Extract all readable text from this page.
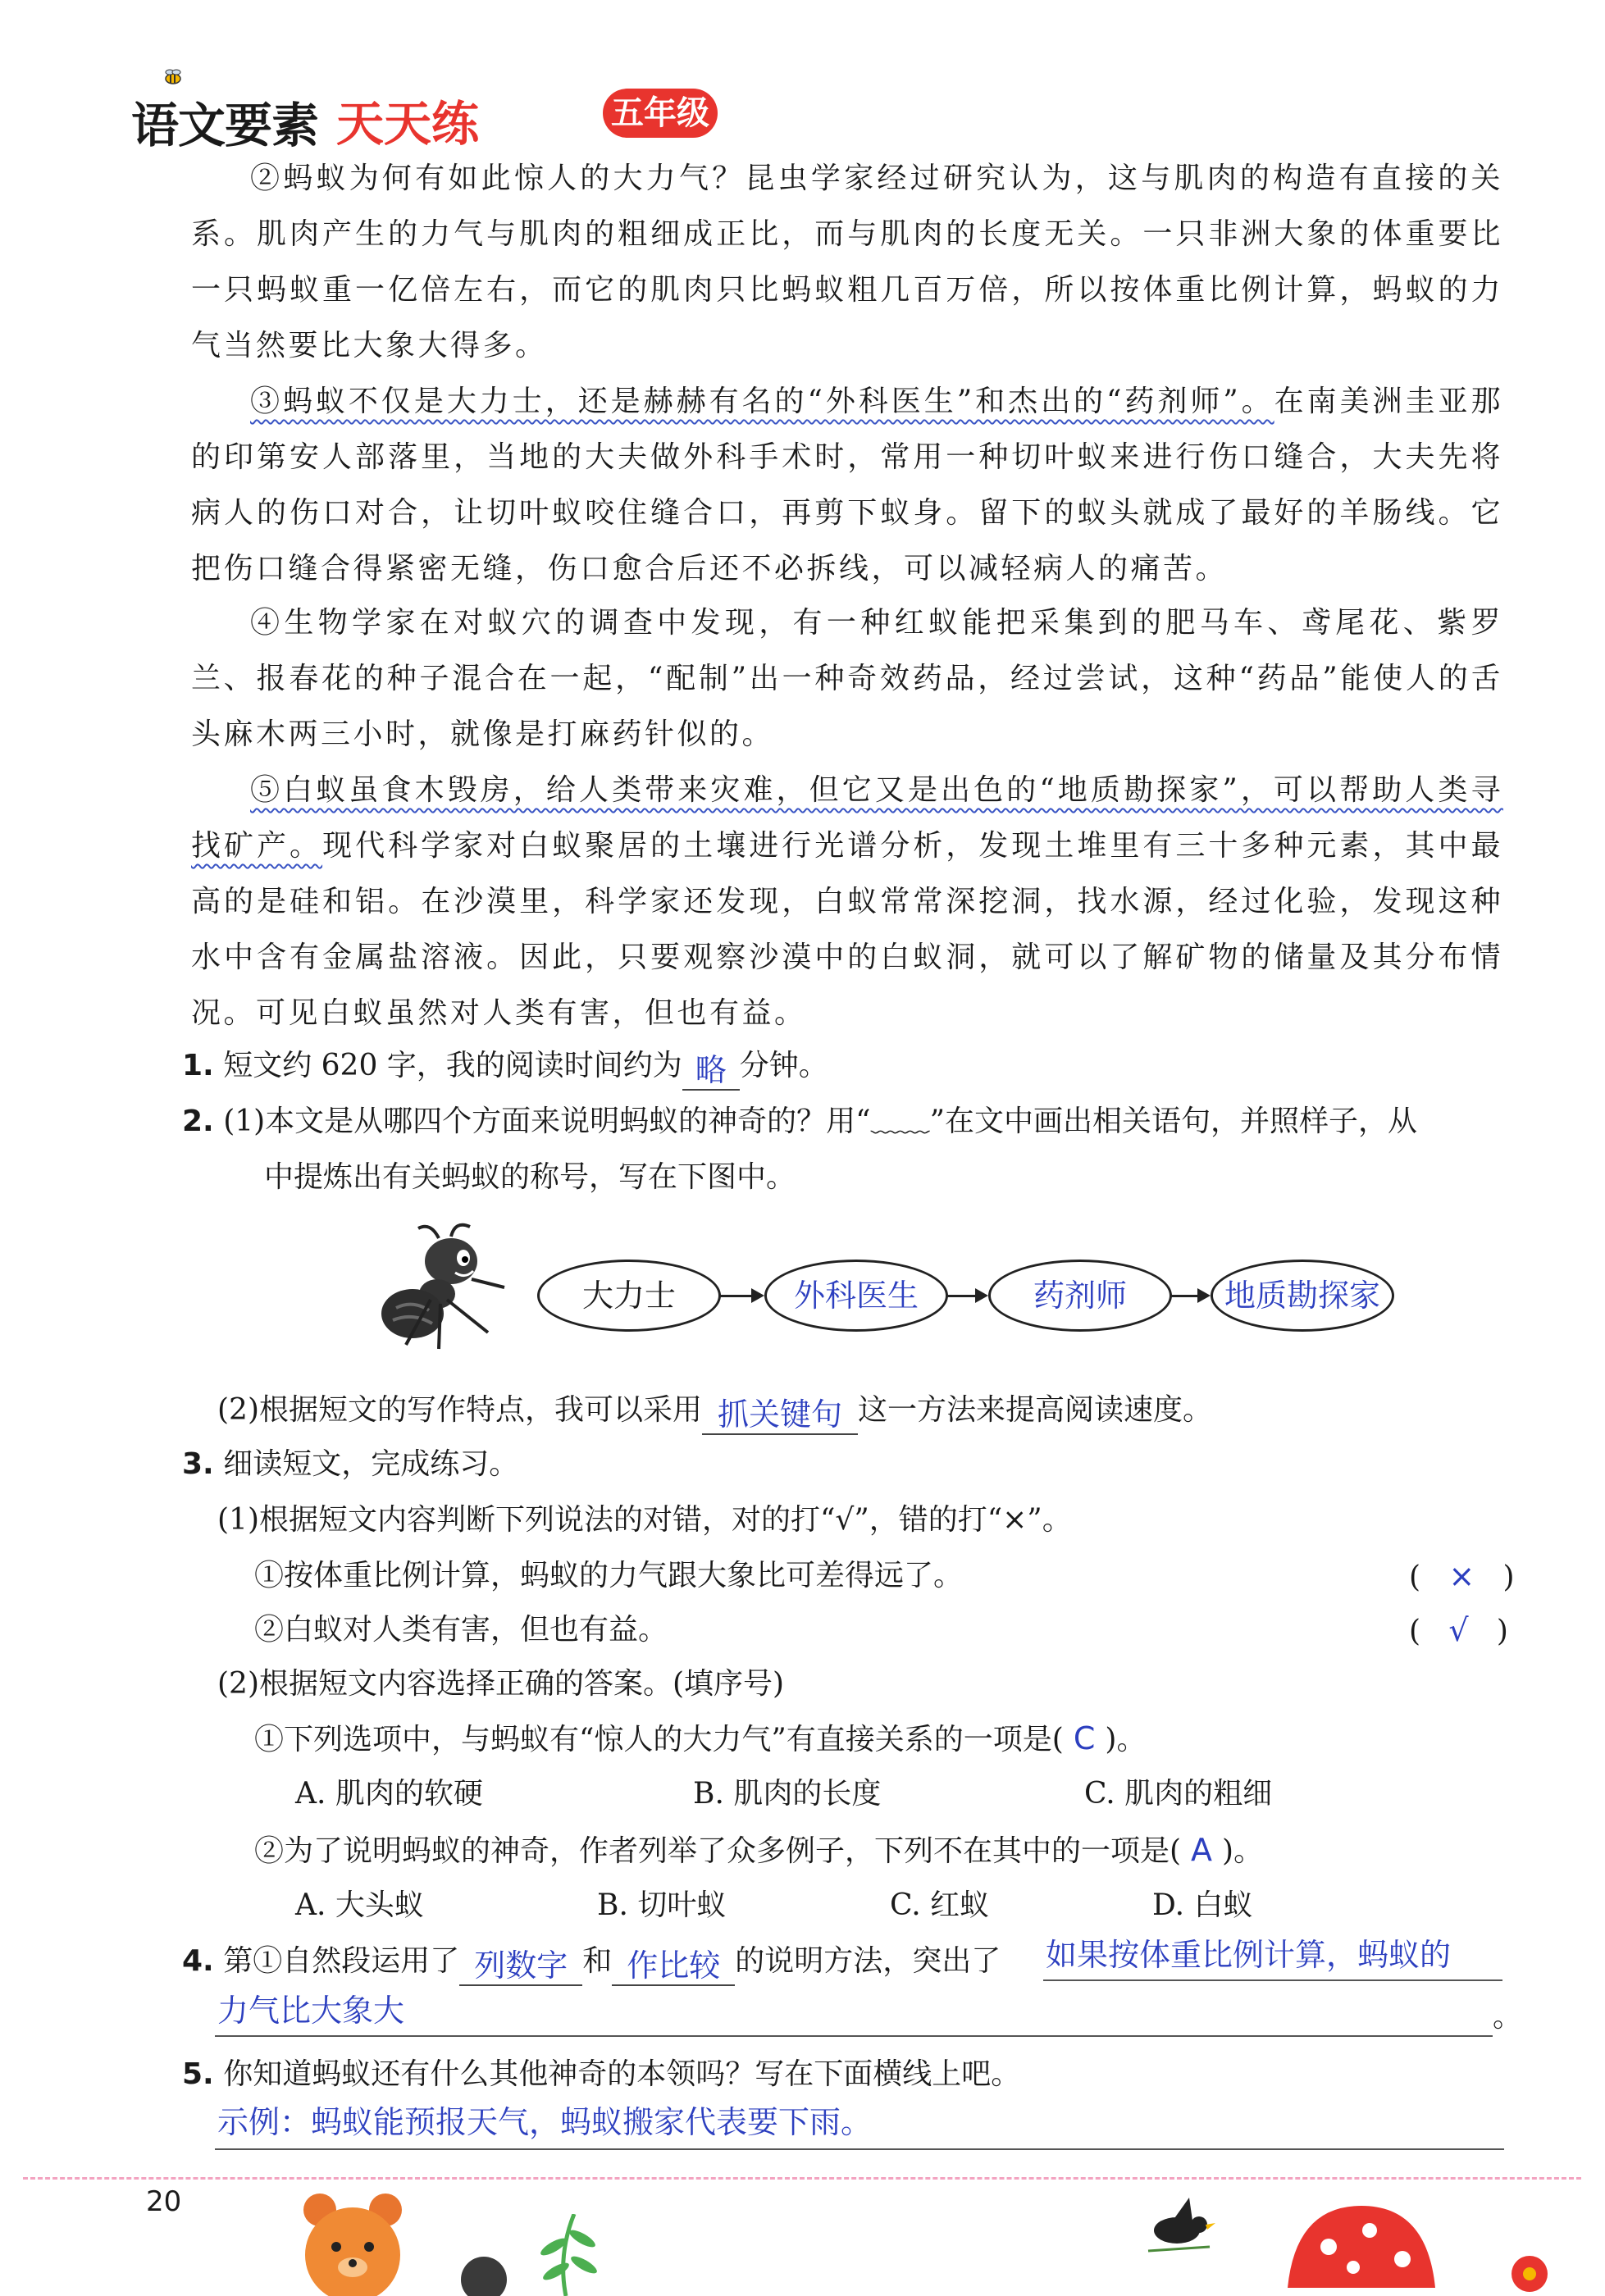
语文要素 天天练	五年级
②蚂蚁为何有如此惊人的大力气？昆虫学家经过研究认为，这与肌肉的构造有直接的关系。肌肉产生的力气与肌肉的粗细成正比，而与肌肉的长度无关。一只非洲大象的体重要比一只蚂蚁重一亿倍左右，而它的肌肉只比蚂蚁粗几百万倍，所以按体重比例计算，蚂蚁的力气当然要比大象大得多。
③蚂蚁不仅是大力士，还是赫赫有名的“外科医生”和杰出的“药剂师”。在南美洲圭亚那的印第安人部落里，当地的大夫做外科手术时，常用一种切叶蚁来进行伤口缝合，大夫先将病人的伤口对合，让切叶蚁咬住缝合口，再剪下蚁身。留下的蚁头就成了最好的羊肠线。它把伤口缝合得紧密无缝，伤口愈合后还不必拆线，可以减轻病人的痛苦。
④生物学家在对蚁穴的调查中发现，有一种红蚁能把采集到的肥马车、鸢尾花、紫罗兰、报春花的种子混合在一起，“配制”出一种奇效药品，经过尝试，这种“药品”能使人的舌头麻木两三小时，就像是打麻药针似的。
⑤白蚁虽食木毁房，给人类带来灾难，但它又是出色的“地质勘探家”，可以帮助人类寻找矿产。现代科学家对白蚁聚居的土壤进行光谱分析，发现土堆里有三十多种元素，其中最高的是硅和铝。在沙漠里，科学家还发现，白蚁常常深挖洞，找水源，经过化验，发现这种水中含有金属盐溶液。因此，只要观察沙漠中的白蚁洞，就可以了解矿物的储量及其分布情况。可见白蚁虽然对人类有害，但也有益。
1. 短文约 620 字，我的阅读时间约为 略 分钟。
2. (1)本文是从哪四个方面来说明蚂蚁的神奇的？用“﹏﹏”在文中画出相关语句，并照样子，从
中提炼出有关蚂蚁的称号，写在下图中。
大力士	外科医生	药剂师	地质勘探家
(2)根据短文的写作特点，我可以采用 抓关键句 这一方法来提高阅读速度。
3. 细读短文，完成练习。
(1)根据短文内容判断下列说法的对错，对的打“√”，错的打“×”。
①按体重比例计算，蚂蚁的力气跟大象比可差得远了。	(   ×   )
②白蚁对人类有害，但也有益。	(   √   )
(2)根据短文内容选择正确的答案。(填序号)
①下列选项中，与蚂蚁有“惊人的大力气”有直接关系的一项是( C )。
A. 肌肉的软硬	B. 肌肉的长度	C. 肌肉的粗细
②为了说明蚂蚁的神奇，作者列举了众多例子，下列不在其中的一项是( A )。
A. 大头蚁	B. 切叶蚁	C. 红蚁	D. 白蚁
4. 第①自然段运用了 列数字 和 作比较 的说明方法，突出了 如果按体重比例计算，蚂蚁的
力气比大象大	。
5. 你知道蚂蚁还有什么其他神奇的本领吗？写在下面横线上吧。
示例：蚂蚁能预报天气，蚂蚁搬家代表要下雨。
20
